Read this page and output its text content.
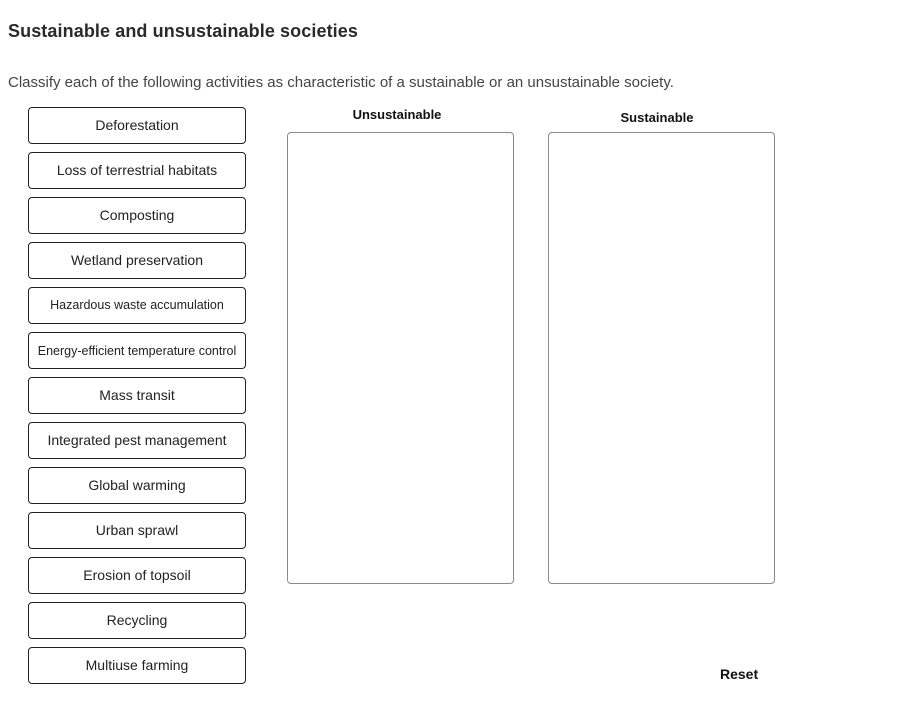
Sustainable and unsustainable societies
Classify each of the following activities as characteristic of a sustainable or an unsustainable society.
Deforestation
Loss of terrestrial habitats
Composting
Wetland preservation
Hazardous waste accumulation
Energy-efficient temperature control
Mass transit
Integrated pest management
Global warming
Urban sprawl
Erosion of topsoil
Recycling
Multiuse farming
Unsustainable	Sustainable
Reset
